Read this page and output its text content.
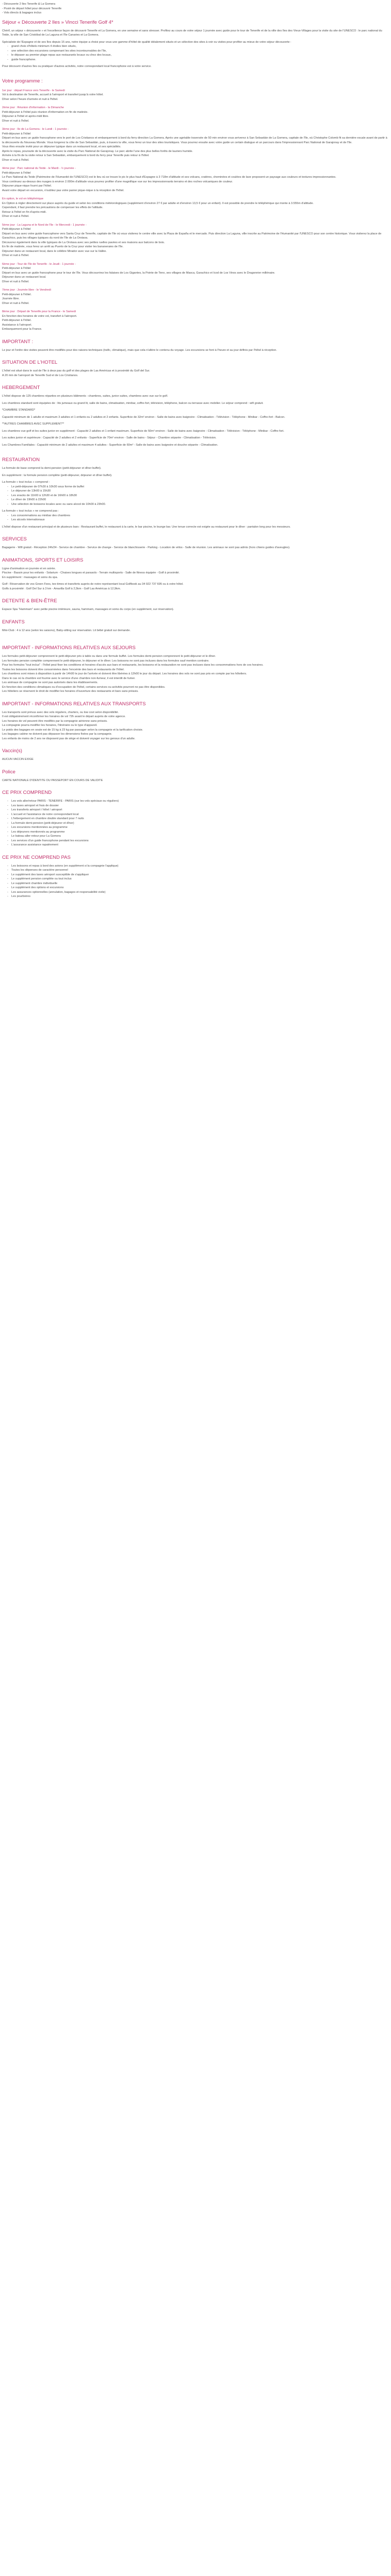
- Découverte 2 Iles Tenerife & La Gomera

- Posté de départ hôtel pour découvrir Tenerife

- Vols directs & bagages inclus

Séjour « Découverte 2 Iles » Vincci Tenerife Golf 4*

Chérif, un séjour « découverte » et l'excellence façon de découvrir Tenerife et La Gomera, en une semaine et sans stresser. Profitez au cours de votre séjour 1 journée avec guide pour le tour de Tenerife et de la ville des îles des Vieux-Villages pour la visite du site de l'UNESCO : le parc national du Teide, la ville de San Cristóbal de La Laguna et l'île Canaries et La Gomera.

Spécialiste de l'Espagne et de ses îles depuis 15 ans, notre équipe a choisi pour vous une gamme d'hôtel de qualité idéalement situés et un sélection des sites à voir ou visites pour profiter au mieux de votre séjour découverte :

- grand choix d'hôtels minimum 4 étoiles bien situés,

- une sélection des excursions comprenant les sites incontournables de l'île,

- le dépaser au premier plage repas aux restaurants locaux ou chez des locaux,

- guide francophone.

Pour découvrir d'autres îles ou pratiquer d'autres activités, notre correspondant local francophone est à votre service.

Votre programme :

1er jour : départ France vers Tenerife - le Samedi

Vol à destination de Tenerife, accueil à l'aéroport et transfert jusqu'à votre hôtel.

Dîner selon l'heure d'arrivée et nuit à l'hôtel.

2ème jour : Réunion d'information - la Dimanche

Petit-déjeuner à l'hôtel puis réunion d'information en fin de matinée.

Déjeuner à l'hôtel et après-midi libre.

Dîner et nuit à l'hôtel.

3ème jour : Ile de La Gomera - le Lundi - 1 journée -

Petit-déjeuner à l'hôtel

Départ en bus avec un guide francophone vers le port de Los Cristianos et embarquement à bord du ferry direction La Gomera. Après une agréable traversée de 50 min environ vous arriverez à San Sebastián de La Gomera, capitale de l'île, où Christophe Colomb fit sa dernière escale avant de partir à la découverte du Nouveau Monde. Vous longerez la côte de San Sebastián, puis, à travers la ville, vous ferez un tour des sites touristiques. Vous pourrez ensuite avec votre guide un certain dialogue et un parcours dans l'impressionnant Parc National de Garajonay et de l'île.

Vous êtes ensuite invité pour un déjeuner typique dans un restaurant local, et ses spécialités.

Après le repas, poursuite de la découverte avec la visite du Parc National de Garajonay. Le parc abrite l'une des plus belles forêts de lauriers humide.

Arrivée à la fin de la visite retour à San Sebastián, embarquement à bord du ferry pour Tenerife puis retour à l'hôtel.

Dîner et nuit à l'hôtel.

4ème jour : Parc national du Teide - le Mardi - ½ journée -

Petit-déjeuner à l'hôtel

Le Parc National du Teide (Patrimoine de l'Humanité de l'UNESCO) est le lieu où se trouve le pic le plus haut d'Espagne à 3 718m d'altitude et ses volcans, cratères, cheminées et coulées de lave proposent un paysage aux couleurs et textures impressionnantes.

Vous continuez au-dessus des nuages à environ 2.000m d'altitude vous pourrez profiter d'une magnifique vue sur les impressionnants terrains et des roches volcaniques de couleur.

Déjeuner pique-nique fourni par l'hôtel.

Avant votre départ en excursion, n'oubliez pas votre panier pique-nique à la réception de l'hôtel.

En option, le vol en téléphérique

En Option à régler directement sur place auprès du guide et selon les conditions météorologiques (supplément d'environ 27 € par adulte et d'environ 13,5 € pour un enfant). Il est possible de prendre le téléphérique qui monte à 3.555m d'altitude.

Cependant, il faut prendre les précautions de compenser les effets de l'altitude.

Retour à l'hôtel en fin d'après-midi.

Dîner et nuit à l'hôtel.

5ème jour : La Laguna et le Nord de l'île - le Mercredi - 1 journée -

Petit-déjeuner à l'hôtel

Départ en bus avec votre guide francophone vers Santa Cruz de Tenerife, capitale de l'île où vous visiterez le centre ville avec la Plaza de España et le mercado. Puis direction La Laguna, ville inscrite au Patrimoine de l'Humanité par l'UNESCO pour son centre historique. Vous visiterez la place de Garachico, puis les villages typiques du nord de l'île de La Orotava.

Découvrez également dans la ville typiques de La Orotava avec ses petites ruelles pavées et ses maisons aux balcons de bois.

En fin de matinée, vous ferez un arrêt au Puerto de la Cruz pour visiter les bananeraies de l'île.

Déjeuner dans un restaurant local, dans le célèbre Mirador avec vue sur la Vallée.

Dîner et nuit à l'hôtel.

6ème jour : Tour de l'île de Tenerife - le Jeudi - 1 journée -

Petit-déjeuner à l'hôtel

Départ en bus avec un guide francophone pour le tour de l'île. Vous découvrirez les falaises de Los Gigantes, la Pointe de Teno, ses villages de Masca, Garachico et Icod de Los Vinos avec le Dragonnier millénaire.

Déjeuner dans un restaurant local.

Dîner et nuit à l'hôtel.

7ème jour : Journée libre - le Vendredi

Petit-déjeuner à l'hôtel.

Journée libre.

Dîner et nuit à l'hôtel.

8ème jour : Départ de Tenerife pour la France - le Samedi

En fonction des horaires de votre vol, transfert à l'aéroport.

Petit-déjeuner à l'hôtel.

Assistance à l'aéroport.

Embarquement pour la France.

IMPORTANT :

Le jour et l'ordre des visites peuvent être modifiés pour des raisons techniques (trafic, climatique), mais que cela n'altère le contenu du voyage. Les excursions se font à l'heure et au jour définis par l'hôtel à réception.

SITUATION DE L'HOTEL

L'hôtel est situé dans le sud de l'île à deux pas du golf et des plages de Las Américas et à proximité du Golf del Sur.

A 20 min de l'aéroport de Tenerife Sud et de Los Cristianos.

HEBERGEMENT

L'hôtel dispose de 125 chambres réparties en plusieurs bâtiments : chambres, suites, junior suites, chambres avec vue sur le golf.

Les chambres standard sont équipées de : lits jumeaux ou grand lit, salle de bains, climatisation, minibar, coffre-fort, télévision, téléphone, balcon ou terrasse avec mobilier. Le séjour comprend : wifi gratuit.

*CHAMBRE STANDARD*

Capacité minimum de 1 adulte et maximum 3 adultes et 1 enfants ou 2 adultes et 2 enfants. Superficie de 32m² environ - Salle de bains avec baignoire - Climatisation - Télévision - Téléphone - Minibar - Coffre-fort - Balcon.

**AUTRES CHAMBRES AVEC SUPPLEMENT**

Les chambres vue golf et les suites junior en supplément : Capacité 2 adultes et 1 enfant maximum. Superficie de 50m² environ - Salle de bains avec baignoire - Climatisation - Télévision - Téléphone - Minibar - Coffre-fort.

Les suites junior et supérieure : Capacité de 2 adultes et 2 enfants - Superficie de 70m² environ - Salle de bains - Séjour - Chambre séparée - Climatisation - Télévision.

Les Chambres Familiales : Capacité minimum de 2 adultes et maximum 4 adultes - Superficie de 60m² - Salle de bains avec baignoire et douche séparée - Climatisation.

RESTAURATION

La formule de base comprend la demi-pension (petit-déjeuner et dîner buffet).

En supplément : la formule pension complète (petit-déjeuner, déjeuner et dîner buffet).

La formule « tout inclus » comprend :

- Le petit-déjeuner de 07h30 à 10h30 sous forme de buffet

- Le déjeuner de 13h00 à 15h30

- Les snacks de 11h00 à 12h30 et de 16h00 à 18h30

- Le dîner de 19h00 à 22h00

- Une sélection de boissons locales avec ou sans alcool de 10h00 à 23h00.

La formule « tout inclus » ne comprend pas :

- Les consommations au minibar des chambres

- Les alcools internationaux

L'hôtel dispose d'un restaurant principal et de plusieurs bars : Restaurant buffet, le restaurant à la carte, le bar piscine, le lounge bar. Une tenue correcte est exigée au restaurant pour le dîner : pantalon long pour les messieurs.

SERVICES

Bagagerie - Wifi gratuit - Réception 24h/24 - Service de chambre - Service de change - Service de blanchisserie - Parking - Location de vélos - Salle de réunion. Les animaux ne sont pas admis (hors chiens guides d'aveugles).

ANIMATIONS, SPORTS ET LOISIRS

Ligne d'animation en journée et en soirée.

Piscine - Bassin pour les enfants - Solarium - Chaises longues et parasols - Terrain multisports - Salle de fitness équipée - Golf à proximité.

En supplément : massages et soins du spa.

Golf : Réservation de vos Green Fees, tee-times et transferts auprès de notre représentant local Golfbook au 34 922 737 695 ou à votre hôtel.

Golfs à proximité : Golf Del Sur à 3 km - Amarilla Golf à 2,5km - Golf Las Américas à 12,9km.

DETENTE & BIEN-ÊTRE

Espace Spa "Hammam" avec petite piscine intérieure, sauna, hammam, massages et soins du corps (en supplément, sur réservation).

ENFANTS

Mini-Club : 4 à 12 ans (selon les saisons), Baby-sitting sur réservation. Lit bébé gratuit sur demande.

IMPORTANT - INFORMATIONS RELATIVES AUX SEJOURS

Les formules petit-déjeuner comprennent le petit-déjeuner pris à table ou dans une formule buffet. Les formules demi-pension comprennent le petit-déjeuner et le dîner.

Les formules pension complète comprennent le petit-déjeuner, le déjeuner et le dîner. Les boissons ne sont pas incluses dans les formules sauf mention contraire.

Pour les formules "tout inclus" : l'hôtel peut fixer les conditions et horaires d'accès aux bars et restaurants, les boissons et la restauration ne sont pas incluses dans les consommations hors de ces horaires.

Toutes les boissons doivent être consommées dans l'enceinte des bars et restaurants de l'hôtel.

Les chambres sont mises à disposition à partir de 14h00 le jour de l'arrivée et doivent être libérées à 12h00 le jour du départ. Les horaires des vols ne sont pas pris en compte par les hôteliers.

Dans le cas où la chambre est fournie avec le service d'une chambre non-fumeur, il est interdit de fumer.

Les animaux de compagnie ne sont pas autorisés dans les établissements.

En fonction des conditions climatiques ou d'occupation de l'hôtel, certains services ou activités pourront ne pas être disponibles.

Les hôteliers se réservent le droit de modifier les horaires d'ouverture des restaurants et bars sans préavis.

IMPORTANT - INFORMATIONS RELATIVES AUX TRANSPORTS

Les transports sont prévus avec des vols réguliers, charters, ou low cost selon disponibilité.

Il est obligatoirement réconfirmer les horaires de vol 72h avant le départ auprès de votre agence.

Les horaires de vol peuvent être modifiés par la compagnie aérienne sans préavis.

La compagnie pourra modifier les horaires, l'itinéraire ou le type d'appareil.

Le poids des bagages en soute est de 15 kg à 23 kg par passager selon la compagnie et la tarification choisie.

Les bagages cabine ne doivent pas dépasser les dimensions fixées par la compagnie.

Les enfants de moins de 2 ans ne disposent pas de siège et doivent voyager sur les genoux d'un adulte.

Vaccin(s)

AUCUN VACCIN EXIGE

Police

CARTE NATIONALE D'IDENTITE OU PASSEPORT EN COURS DE VALIDITE

CE PRIX COMPREND

- Les vols aller/retour PARIS - TENERIFE - PARIS (sur les vols spéciaux ou réguliers)

- Les taxes aéroport et frais de dossier

- Les transferts aéroport / hôtel / aéroport

- L'accueil et l'assistance de notre correspondant local

- L'hébergement en chambre double standard pour 7 nuits

- La formule demi-pension (petit-déjeuner et dîner)

- Les excursions mentionnées au programme

- Les déjeuners mentionnés au programme

- Le bateau aller-retour pour La Gomera

- Les services d'un guide francophone pendant les excursions

- L'assurance assistance rapatriement

CE PRIX NE COMPREND PAS

- Les boissons et repas à bord des avions (en supplément si la compagnie l'applique)

- Toutes les dépenses de caractère personnel

- Le supplément des taxes aéroport susceptible de s'appliquer

- Le supplément pension complète ou tout inclus

- Le supplément chambre individuelle

- Le supplément des options et excursions

- Les assurances optionnelles (annulation, bagages et responsabilité civile)

- Les pourboires
